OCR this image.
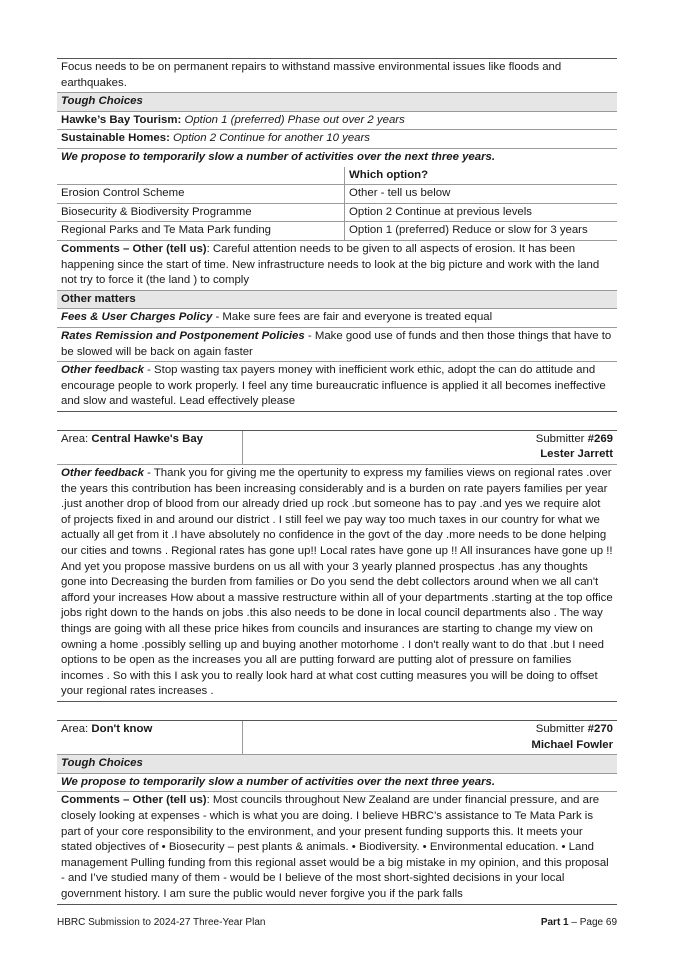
Focus needs to be on permanent repairs to withstand massive environmental issues like floods and earthquakes.
Tough Choices
Hawke’s Bay Tourism: Option 1 (preferred) Phase out over 2 years
Sustainable Homes: Option 2 Continue for another 10 years
We propose to temporarily slow a number of activities over the next three years.
Which option?
Erosion Control Scheme	Other - tell us below
Biosecurity & Biodiversity Programme	Option 2 Continue at previous levels
Regional Parks and Te Mata Park funding	Option 1 (preferred) Reduce or slow for 3 years
Comments – Other (tell us): Careful attention needs to be given to all aspects of erosion. It has been happening since the start of time. New infrastructure needs to look at the big picture and work with the land not try to force it (the land ) to comply
Other matters
Fees & User Charges Policy - Make sure fees are fair and everyone is treated equal
Rates Remission and Postponement Policies - Make good use of funds and then those things that have to be slowed will be back on again faster
Other feedback - Stop wasting tax payers money with inefficient work ethic, adopt the can do attitude and encourage people to work properly. I feel any time bureaucratic influence is applied it all becomes ineffective and slow and wasteful. Lead effectively please
Area: Central Hawke's Bay	Submitter #269
Lester Jarrett
Other feedback - Thank you for giving me the opertunity to express my families views on regional rates .over the years this contribution has been increasing considerably and is a burden on rate payers families per year .just another drop of blood from our already dried up rock .but someone has to pay .and yes we require alot of projects fixed in and around our district . I still feel we pay way too much taxes in our country for what we actually all get from it .I have absolutely no confidence in the govt of the day .more needs to be done helping our cities and towns . Regional rates has gone up!! Local rates have gone up !! All insurances have gone up !! And yet you propose massive burdens on us all with your 3 yearly planned prospectus .has any thoughts gone into Decreasing the burden from families or Do you send the debt collectors around when we all can't afford your increases How about a massive restructure within all of your departments .starting at the top office jobs right down to the hands on jobs .this also needs to be done in local council departments also . The way things are going with all these price hikes from councils and insurances are starting to change my view on owning a home .possibly selling up and buying another motorhome . I don't really want to do that .but I need options to be open as the increases you all are putting forward are putting alot of pressure on families incomes . So with this I ask you to really look hard at what cost cutting measures you will be doing to offset your regional rates increases .
Area: Don't know	Submitter #270
Michael Fowler
Tough Choices
We propose to temporarily slow a number of activities over the next three years.
Comments – Other (tell us): Most councils throughout New Zealand are under financial pressure, and are closely looking at expenses - which is what you are doing. I believe HBRC’s assistance to Te Mata Park is part of your core responsibility to the environment, and your present funding supports this. It meets your stated objectives of • Biosecurity – pest plants & animals. • Biodiversity. • Environmental education. • Land management Pulling funding from this regional asset would be a big mistake in my opinion, and this proposal - and I’ve studied many of them - would be I believe of the most short-sighted decisions in your local government history. I am sure the public would never forgive you if the park falls
HBRC Submission to 2024-27 Three-Year Plan	Part 1 – Page 69
